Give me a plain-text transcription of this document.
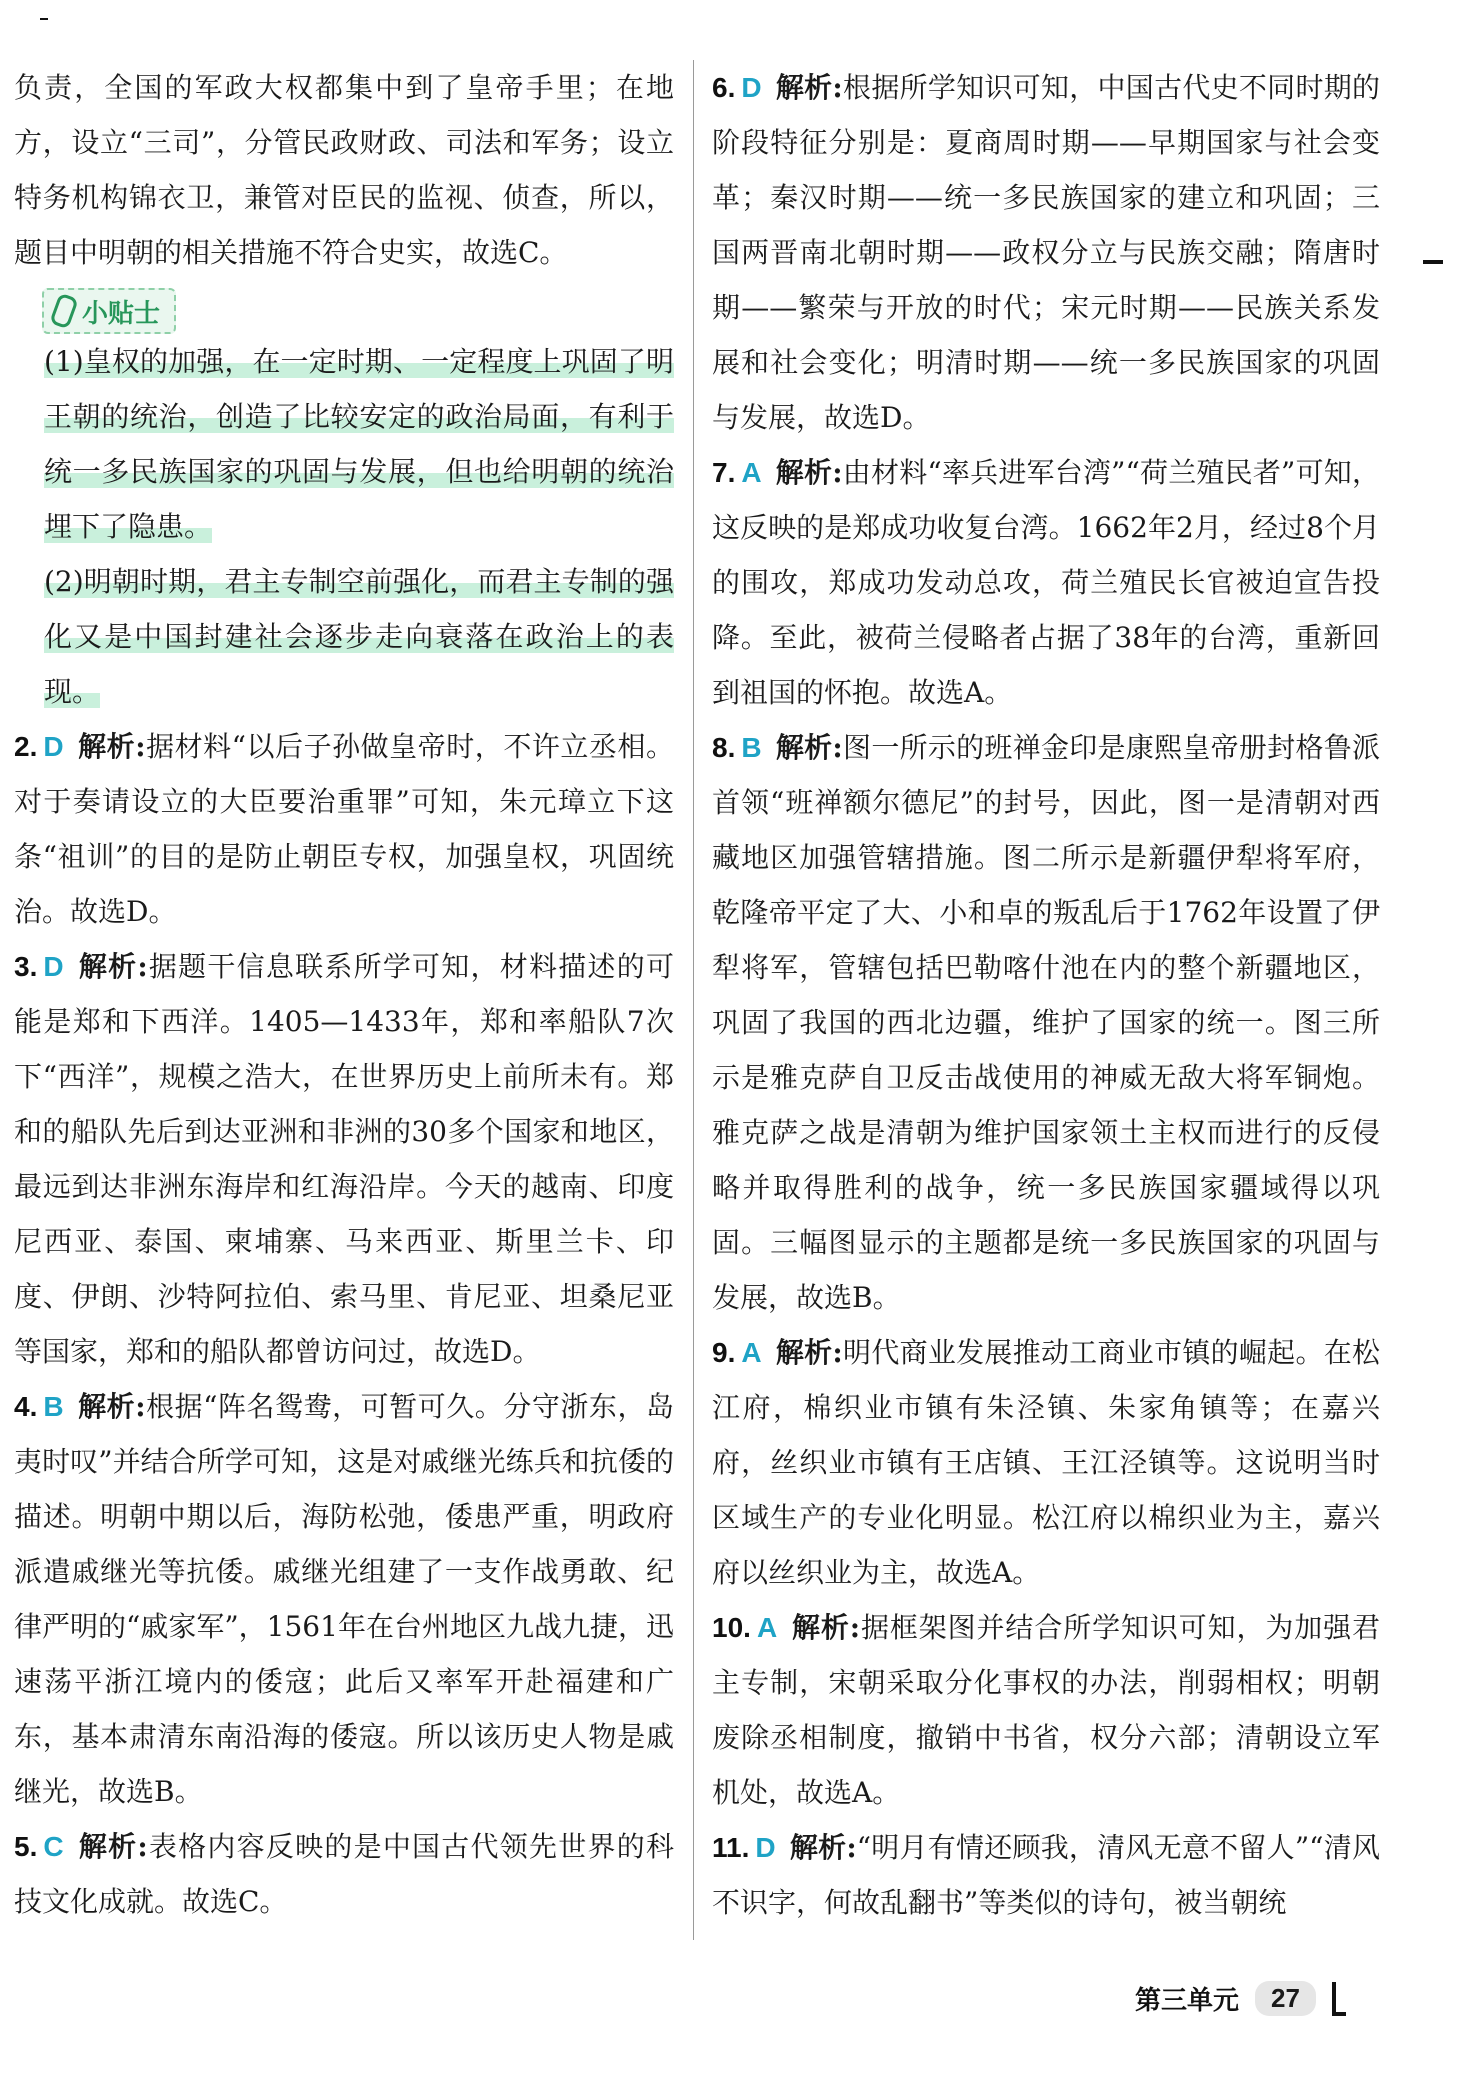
负责，全国的军政大权都集中到了皇帝手里；在地方，设立“三司”，分管民政财政、司法和军务；设立特务机构锦衣卫，兼管对臣民的监视、侦查，所以，题目中明朝的相关措施不符合史实，故选C。

小贴士

(1)皇权的加强，在一定时期、一定程度上巩固了明王朝的统治，创造了比较安定的政治局面，有利于统一多民族国家的巩固与发展，但也给明朝的统治埋下了隐患。

(2)明朝时期，君主专制空前强化，而君主专制的强化又是中国封建社会逐步走向衰落在政治上的表现。

2. D 解析:据材料“以后子孙做皇帝时，不许立丞相。对于奏请设立的大臣要治重罪”可知，朱元璋立下这条“祖训”的目的是防止朝臣专权，加强皇权，巩固统治。故选D。
3. D 解析:据题干信息联系所学可知，材料描述的可能是郑和下西洋。1405—1433年，郑和率船队7次下“西洋”，规模之浩大，在世界历史上前所未有。郑和的船队先后到达亚洲和非洲的30多个国家和地区，最远到达非洲东海岸和红海沿岸。今天的越南、印度尼西亚、泰国、柬埔寨、马来西亚、斯里兰卡、印度、伊朗、沙特阿拉伯、索马里、肯尼亚、坦桑尼亚等国家，郑和的船队都曾访问过，故选D。
4. B 解析:根据“阵名鸳鸯，可暂可久。分守浙东，岛夷时叹”并结合所学可知，这是对戚继光练兵和抗倭的描述。明朝中期以后，海防松弛，倭患严重，明政府派遣戚继光等抗倭。戚继光组建了一支作战勇敢、纪律严明的“戚家军”，1561年在台州地区九战九捷，迅速荡平浙江境内的倭寇；此后又率军开赴福建和广东，基本肃清东南沿海的倭寇。所以该历史人物是戚继光，故选B。
5. C 解析:表格内容反映的是中国古代领先世界的科技文化成就。故选C。
6. D 解析:根据所学知识可知，中国古代史不同时期的阶段特征分别是：夏商周时期——早期国家与社会变革；秦汉时期——统一多民族国家的建立和巩固；三国两晋南北朝时期——政权分立与民族交融；隋唐时期——繁荣与开放的时代；宋元时期——民族关系发展和社会变化；明清时期——统一多民族国家的巩固与发展，故选D。
7. A 解析:由材料“率兵进军台湾”“荷兰殖民者”可知，这反映的是郑成功收复台湾。1662年2月，经过8个月的围攻，郑成功发动总攻，荷兰殖民长官被迫宣告投降。至此，被荷兰侵略者占据了38年的台湾，重新回到祖国的怀抱。故选A。
8. B 解析:图一所示的班禅金印是康熙皇帝册封格鲁派首领“班禅额尔德尼”的封号，因此，图一是清朝对西藏地区加强管辖措施。图二所示是新疆伊犁将军府，乾隆帝平定了大、小和卓的叛乱后于1762年设置了伊犁将军，管辖包括巴勒喀什池在内的整个新疆地区，巩固了我国的西北边疆，维护了国家的统一。图三所示是雅克萨自卫反击战使用的神威无敌大将军铜炮。雅克萨之战是清朝为维护国家领土主权而进行的反侵略并取得胜利的战争，统一多民族国家疆域得以巩固。三幅图显示的主题都是统一多民族国家的巩固与发展，故选B。
9. A 解析:明代商业发展推动工商业市镇的崛起。在松江府，棉织业市镇有朱泾镇、朱家角镇等；在嘉兴府，丝织业市镇有王店镇、王江泾镇等。这说明当时区域生产的专业化明显。松江府以棉织业为主，嘉兴府以丝织业为主，故选A。
10. A 解析:据框架图并结合所学知识可知，为加强君主专制，宋朝采取分化事权的办法，削弱相权；明朝废除丞相制度，撤销中书省，权分六部；清朝设立军机处，故选A。
11. D 解析:“明月有情还顾我，清风无意不留人”“清风不识字，何故乱翻书”等类似的诗句，被当朝统
第三单元	27
